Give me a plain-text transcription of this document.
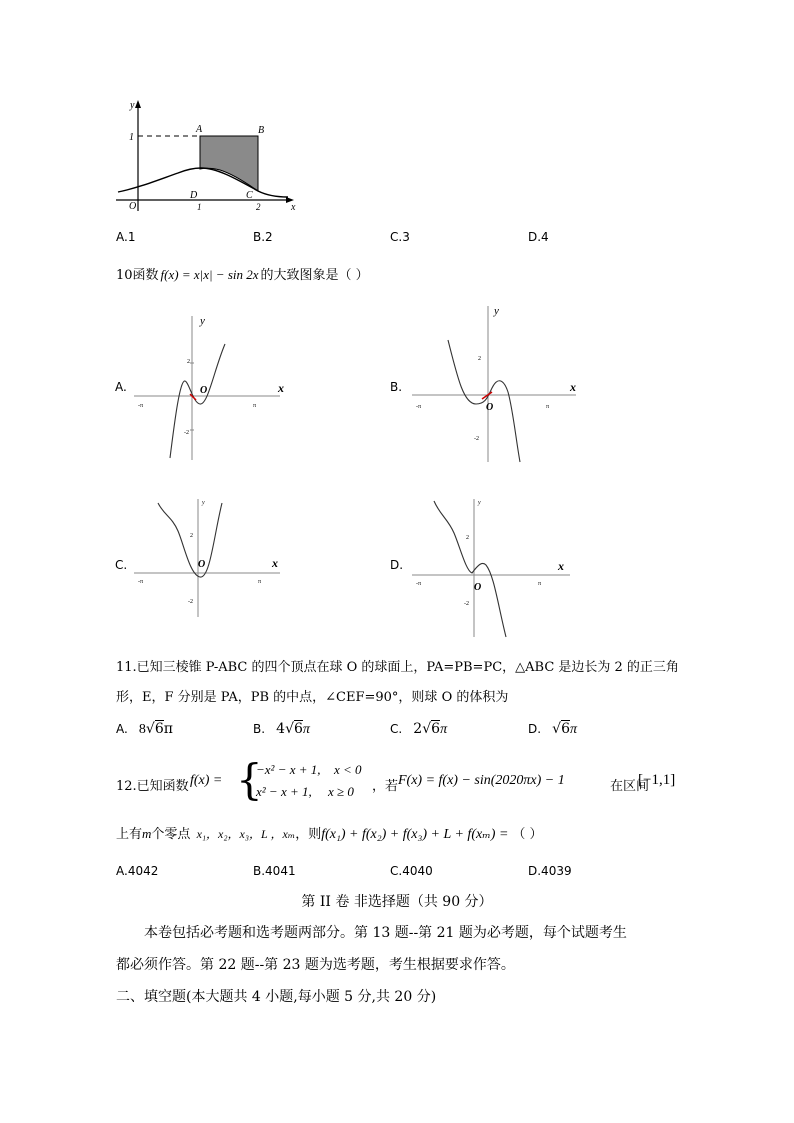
y
x
O
1
1	2
A	B
C
D
A.1	B.2	C.3	D.4
10函数 f(x) = x|x| − sin 2x 的大致图象是（ ）
A.	x
y
O
-π	π
2
-2
B.	x
y
O
-π	π
2
-2
C.	x
y
O
-π	π
2
-2
D.	x
y
O
-π	π
2
-2
11.已知三棱锥 P-ABC 的四个顶点在球 O 的球面上，PA=PB=PC，△ABC 是边长为 2 的正三角
形，E，F 分别是 PA，PB 的中点，∠CEF=90°，则球 O 的体积为
A. 8√6π	B. 4√6π	C. 2√6π	D. √6π
12.已知函数 f(x) = {
−x² − x + 1, x < 0
x² − x + 1, x ≥ 0 ，若 F(x) = f(x) − sin(2020πx) − 1	在区间
[−1,1]
上有m个零点 x₁，x₂，x₃，L ，xₘ，则f(x₁) + f(x₂) + f(x₃) + L + f(xₘ) = （ ）
A.4042	B.4041	C.4040	D.4039
第 II 卷 非选择题（共 90 分）
本卷包括必考题和选考题两部分。第 13 题--第 21 题为必考题，每个试题考生
都必须作答。第 22 题--第 23 题为选考题，考生根据要求作答。
二、填空题(本大题共 4 小题,每小题 5 分,共 20 分)
